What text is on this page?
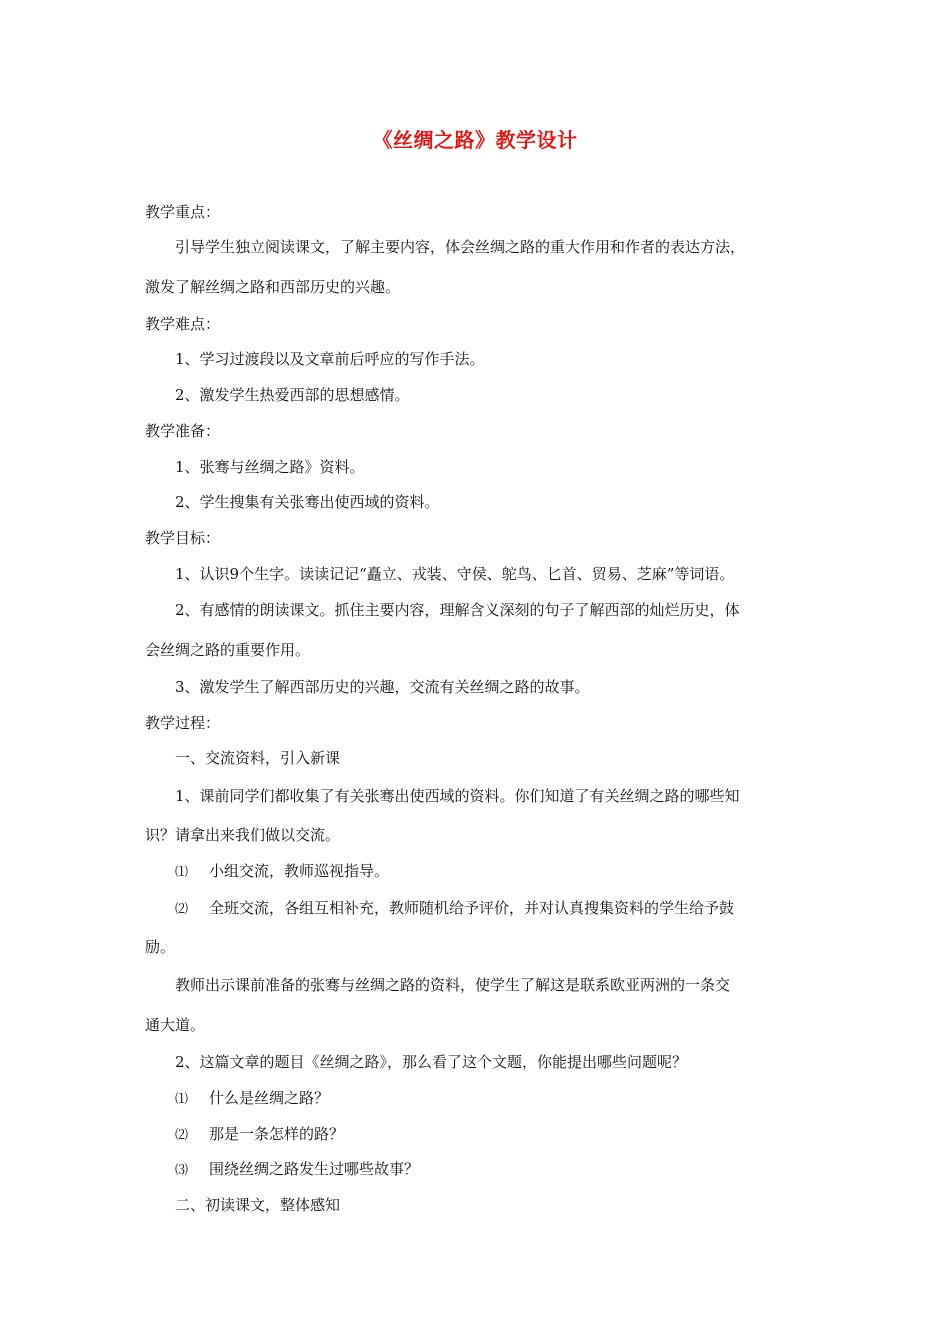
《丝绸之路》教学设计
教学重点：
引导学生独立阅读课文，了解主要内容，体会丝绸之路的重大作用和作者的表达方法，
激发了解丝绸之路和西部历史的兴趣。
教学难点：
1、学习过渡段以及文章前后呼应的写作手法。
2、激发学生热爱西部的思想感情。
教学准备：
1、张骞与丝绸之路》资料。
2、学生搜集有关张骞出使西域的资料。
教学目标：
1、认识9个生字。读读记记“矗立、戎装、守侯、鸵鸟、匕首、贸易、芝麻”等词语。
2、有感情的朗读课文。抓住主要内容，理解含义深刻的句子了解西部的灿烂历史，体
会丝绸之路的重要作用。
3、激发学生了解西部历史的兴趣，交流有关丝绸之路的故事。
教学过程：
一、交流资料，引入新课
1、课前同学们都收集了有关张骞出使西域的资料。你们知道了有关丝绸之路的哪些知
识？请拿出来我们做以交流。
⑴ 小组交流，教师巡视指导。
⑵ 全班交流，各组互相补充，教师随机给予评价，并对认真搜集资料的学生给予鼓
励。
教师出示课前准备的张骞与丝绸之路的资料，使学生了解这是联系欧亚两洲的一条交
通大道。
2、这篇文章的题目《丝绸之路》，那么看了这个文题，你能提出哪些问题呢？
⑴ 什么是丝绸之路？
⑵ 那是一条怎样的路？
⑶ 围绕丝绸之路发生过哪些故事？
二、初读课文，整体感知
